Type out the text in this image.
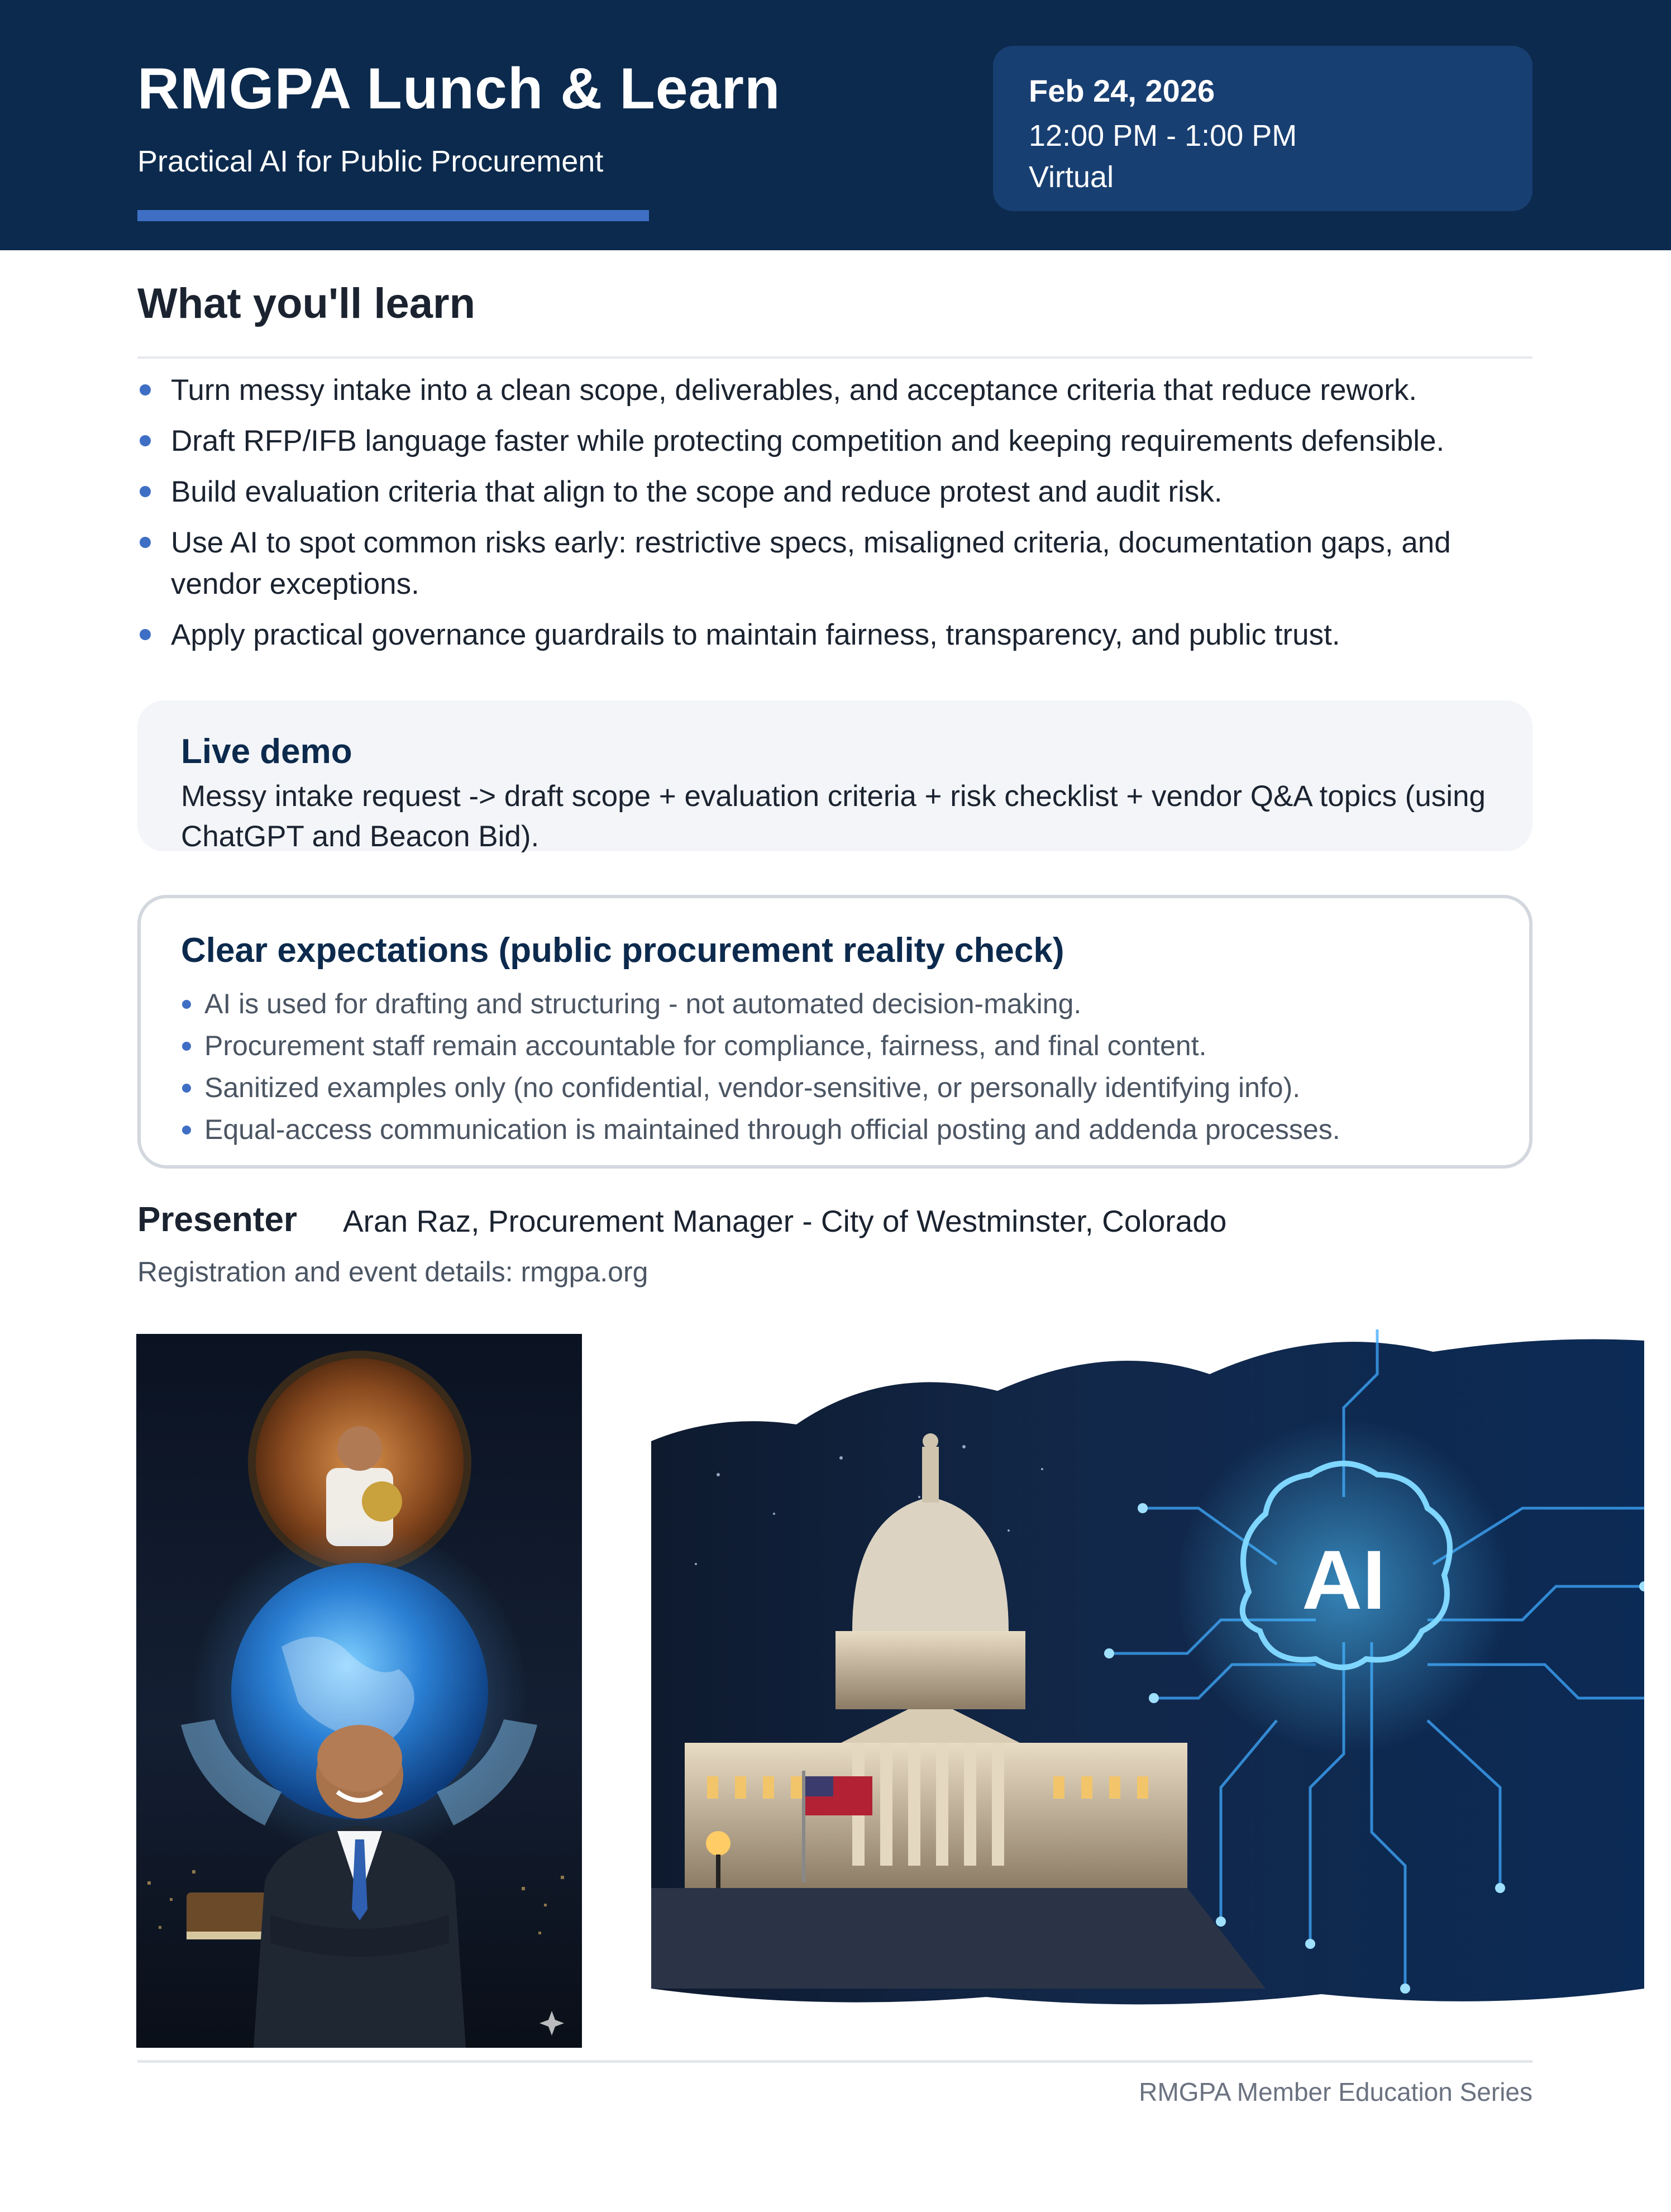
RMGPA Lunch & Learn
Practical AI for Public Procurement
Feb 24, 2026
12:00 PM - 1:00 PM
Virtual
What you'll learn
Turn messy intake into a clean scope, deliverables, and acceptance criteria that reduce rework.
Draft RFP/IFB language faster while protecting competition and keeping requirements defensible.
Build evaluation criteria that align to the scope and reduce protest and audit risk.
Use AI to spot common risks early: restrictive specs, misaligned criteria, documentation gaps, and vendor exceptions.
Apply practical governance guardrails to maintain fairness, transparency, and public trust.
Live demo
Messy intake request -> draft scope + evaluation criteria + risk checklist + vendor Q&A topics (using ChatGPT and Beacon Bid).
Clear expectations (public procurement reality check)
AI is used for drafting and structuring - not automated decision-making.
Procurement staff remain accountable for compliance, fairness, and final content.
Sanitized examples only (no confidential, vendor-sensitive, or personally identifying info).
Equal-access communication is maintained through official posting and addenda processes.
Presenter Aran Raz, Procurement Manager - City of Westminster, Colorado
Registration and event details: rmgpa.org
AI
RMGPA Member Education Series
